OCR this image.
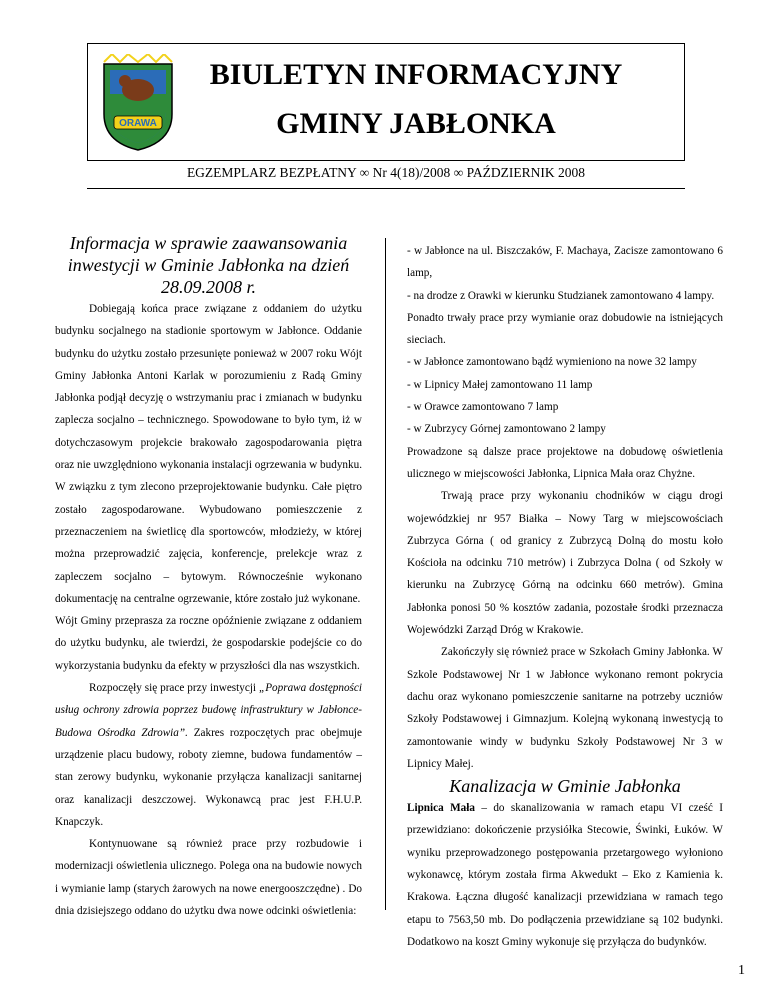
ORAWA
BIULETYN INFORMACYJNY
GMINY JABŁONKA
EGZEMPLARZ BEZPŁATNY ∞ Nr 4(18)/2008 ∞ PAŹDZIERNIK 2008

Informacja w sprawie zaawansowania inwestycji w Gminie Jabłonka na dzień 28.09.2008 r.

Dobiegają końca prace związane z oddaniem do użytku budynku socjalnego na stadionie sportowym w Jabłonce. Oddanie budynku do użytku zostało przesunięte ponieważ w 2007 roku Wójt Gminy Jabłonka Antoni Karlak w porozumieniu z Radą Gminy Jabłonka podjął decyzję o wstrzymaniu prac i zmianach w budynku zaplecza socjalno – technicznego. Spowodowane to było tym, iż w dotychczasowym projekcie brakowało zagospodarowania piętra oraz nie uwzględniono wykonania instalacji ogrzewania w budynku. W związku z tym zlecono przeprojektowanie budynku. Całe piętro zostało zagospodarowane. Wybudowano pomieszczenie z przeznaczeniem na świetlicę dla sportowców, młodzieży, w której można przeprowadzić zajęcia, konferencje, prelekcje wraz z zapleczem socjalno – bytowym. Równocześnie wykonano dokumentację na centralne ogrzewanie, które zostało już wykonane.

Wójt Gminy przeprasza za roczne opóźnienie związane z oddaniem do użytku budynku, ale twierdzi, że gospodarskie podejście co do wykorzystania budynku da efekty w przyszłości dla nas wszystkich.

Rozpoczęły się prace przy inwestycji „Poprawa dostępności usług ochrony zdrowia poprzez budowę infrastruktury w Jabłonce- Budowa Ośrodka Zdrowia”. Zakres rozpoczętych prac obejmuje urządzenie placu budowy, roboty ziemne, budowa fundamentów – stan zerowy budynku, wykonanie przyłącza kanalizacji sanitarnej oraz kanalizacji deszczowej. Wykonawcą prac jest F.H.U.P. Knapczyk.

Kontynuowane są również prace przy rozbudowie i modernizacji oświetlenia ulicznego. Polega ona na budowie nowych i wymianie lamp (starych żarowych na nowe energooszczędne) . Do dnia dzisiejszego oddano do użytku dwa nowe odcinki oświetlenia:

- w Jabłonce na ul. Biszczaków, F. Machaya, Zacisze zamontowano 6 lamp,

- na drodze z Orawki w kierunku Studzianek zamontowano 4 lampy.

Ponadto trwały prace przy wymianie oraz dobudowie na istniejących sieciach.

- w Jabłonce zamontowano bądź wymieniono na nowe 32 lampy

- w Lipnicy Małej zamontowano 11 lamp

- w Orawce zamontowano 7 lamp

- w Zubrzycy Górnej zamontowano 2 lampy

Prowadzone są dalsze prace projektowe na dobudowę oświetlenia ulicznego w miejscowości Jabłonka, Lipnica Mała oraz Chyżne.

Trwają prace przy wykonaniu chodników w ciągu drogi wojewódzkiej nr 957 Białka – Nowy Targ w miejscowościach Zubrzyca Górna ( od granicy z Zubrzycą Dolną do mostu koło Kościoła na odcinku 710 metrów) i Zubrzyca Dolna ( od Szkoły w kierunku na Zubrzycę Górną na odcinku 660 metrów). Gmina Jabłonka ponosi 50 % kosztów zadania, pozostałe środki przeznacza Wojewódzki Zarząd Dróg w Krakowie.

Zakończyły się również prace w Szkołach Gminy Jabłonka. W Szkole Podstawowej Nr 1 w Jabłonce wykonano remont pokrycia dachu oraz wykonano pomieszczenie sanitarne na potrzeby uczniów Szkoły Podstawowej i Gimnazjum. Kolejną wykonaną inwestycją to zamontowanie windy w budynku Szkoły Podstawowej Nr 3 w Lipnicy Małej.

Kanalizacja w Gminie Jabłonka

Lipnica Mała – do skanalizowania w ramach etapu VI cześć I przewidziano: dokończenie przysiółka Stecowie, Świnki, Łuków. W wyniku przeprowadzonego postępowania przetargowego wyłoniono wykonawcę, którym została firma Akwedukt – Eko z Kamienia k. Krakowa. Łączna długość kanalizacji przewidziana w ramach tego etapu to 7563,50 mb. Do podłączenia przewidziane są 102 budynki. Dodatkowo na koszt Gminy wykonuje się przyłącza do budynków.

1
